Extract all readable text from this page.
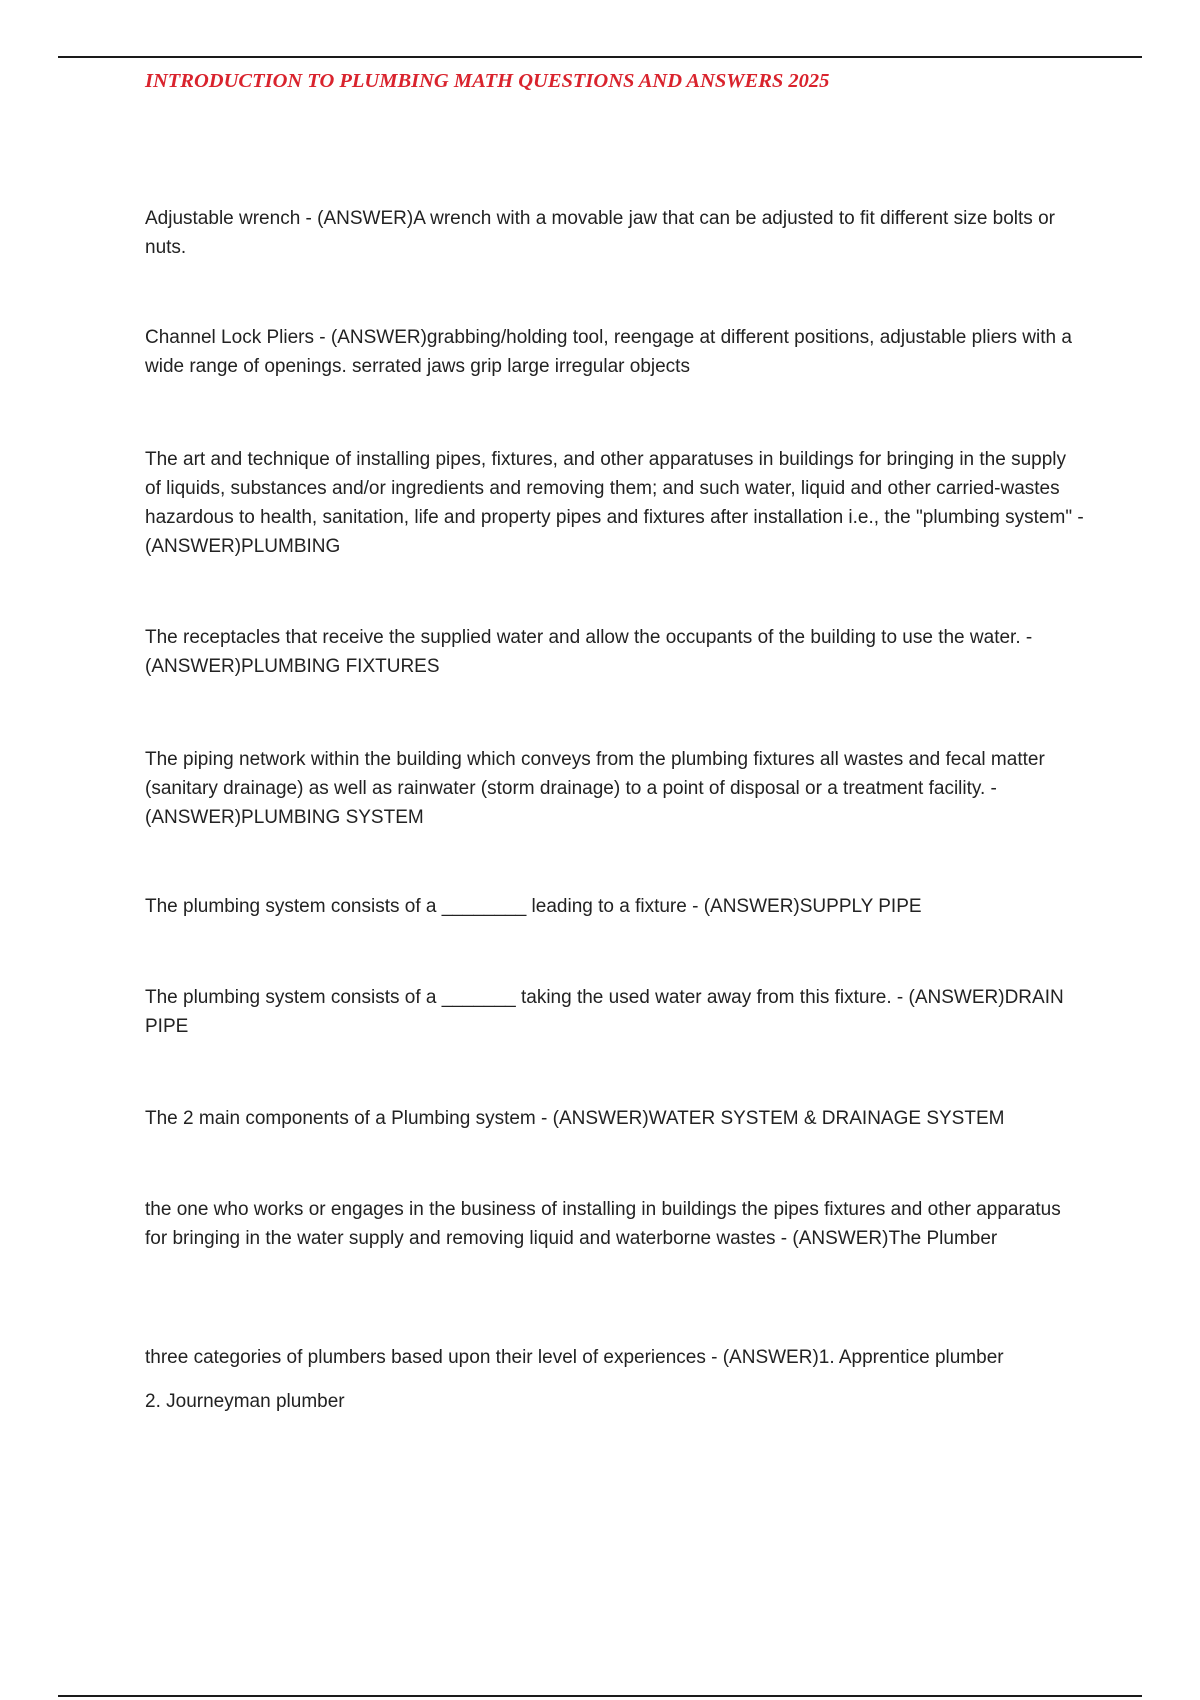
INTRODUCTION TO PLUMBING MATH QUESTIONS AND ANSWERS 2025

Adjustable wrench - (ANSWER)A wrench with a movable jaw that can be adjusted to fit different size bolts or nuts.

Channel Lock Pliers - (ANSWER)grabbing/holding tool, reengage at different positions, adjustable pliers with a wide range of openings. serrated jaws grip large irregular objects

The art and technique of installing pipes, fixtures, and other apparatuses in buildings for bringing in the supply of liquids, substances and/or ingredients and removing them; and such water, liquid and other carried-wastes hazardous to health, sanitation, life and property pipes and fixtures after installation i.e., the "plumbing system" - (ANSWER)PLUMBING

The receptacles that receive the supplied water and allow the occupants of the building to use the water. - (ANSWER)PLUMBING FIXTURES

The piping network within the building which conveys from the plumbing fixtures all wastes and fecal matter (sanitary drainage) as well as rainwater (storm drainage) to a point of disposal or a treatment facility. - (ANSWER)PLUMBING SYSTEM

The plumbing system consists of a ________ leading to a fixture - (ANSWER)SUPPLY PIPE

The plumbing system consists of a _______ taking the used water away from this fixture. - (ANSWER)DRAIN PIPE

The 2 main components of a Plumbing system - (ANSWER)WATER SYSTEM & DRAINAGE SYSTEM

the one who works or engages in the business of installing in buildings the pipes fixtures and other apparatus for bringing in the water supply and removing liquid and waterborne wastes - (ANSWER)The Plumber

three categories of plumbers based upon their level of experiences - (ANSWER)1. Apprentice plumber

2. Journeyman plumber
